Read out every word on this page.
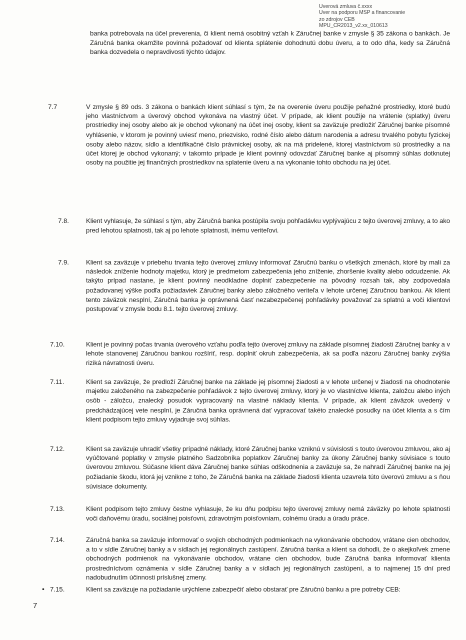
Úverová zmluva č.xxxx
Úver na podporu MSP a financovanie
zo zdrojov CEB
MPU_CR2013_v2.xx_010613
banka potrebovala na účel preverenia, či klient nemá osobitný vzťah k Záručnej banke v zmysle § 35 zákona o bankách. Je Záručná banka okamžite povinná požadovať od klienta splátenie dohodnutú dobu úveru, a to odo dňa, kedy sa Záručná banka dozvedela o nepravdivosti týchto údajov.
7.7	V zmysle § 89 ods. 3 zákona o bankách klient súhlasí s tým, že na overenie úveru použije peňažné prostriedky, ktoré budú jeho vlastníctvom a úverový obchod vykonáva na vlastný účet. V prípade, ak klient použije na vrátenie (splatky) úveru prostriedky inej osoby alebo ak je obchod vykonaný na účet inej osoby, klient sa zaväzuje predložiť Záručnej banke písomné vyhlásenie, v ktorom je povinný uviesť meno, priezvisko, rodné číslo alebo dátum narodenia a adresu trvalého pobytu fyzickej osoby alebo názov, sídlo a identifikačné číslo právnickej osoby, ak na má pridelené, ktorej vlastníctvom sú prostriedky a na účet ktorej je obchod vykonaný; v takomto prípade je klient povinný odovzdať Záručnej banke aj písomný súhlas dotknutej osoby na použitie jej finančných prostriedkov na splatenie úveru a na vykonanie tohto obchodu na jej účet.
7.8.	Klient vyhlasuje, že súhlasí s tým, aby Záručná banka postúpila svoju pohľadávku vyplývajúcu z tejto úverovej zmluvy, a to ako pred lehotou splatnosti, tak aj po lehote splatnosti, inému veriteľovi.
7.9.	Klient sa zaväzuje v priebehu trvania tejto úverovej zmluvy informovať Záručnú banku o všetkých zmenách, ktoré by mali za následok zníženie hodnoty majetku, ktorý je predmetom zabezpečenia jeho zníženie, zhoršenie kvality alebo odcudzenie. Ak takýto prípad nastane, je klient povinný neodkladne doplniť zabezpečenie na pôvodný rozsah tak, aby zodpovedala požadovanej výške podľa požiadaviek Záručnej banky alebo záložného veriteľa v lehote určenej Záručnou bankou. Ak klient tento záväzok nesplní, Záručná banka je oprávnená časť nezabezpečenej pohľadávky považovať za splatnú a voči klientovi postupovať v zmysle bodu 8.1. tejto úverovej zmluvy.
7.10.	Klient je povinný počas trvania úverového vzťahu podľa tejto úverovej zmluvy na základe písomnej žiadosti Záručnej banky a v lehote stanovenej Záručnou bankou rozšíriť, resp. doplniť okruh zabezpečenia, ak sa podľa názoru Záručnej banky zvýšia riziká návratnosti úveru.
7.11.	Klient sa zaväzuje, že predloží Záručnej banke na základe jej písomnej žiadosti a v lehote určenej v žiadosti na ohodnotenie majetku založeného na zabezpečenie pohľadávok z tejto úverovej zmluvy, ktorý je vo vlastníctve klienta, založcu alebo iných osôb - záložcu, znalecký posudok vypracovaný na vlastné náklady klienta. V prípade, ak klient záväzok uvedený v predchádzajúcej vete nesplní, je Záručná banka oprávnená dať vypracovať takéto znalecké posudky na účet klienta a s čím klient podpisom tejto zmluvy vyjadruje svoj súhlas.
7.12.	Klient sa zaväzuje uhradiť všetky prípadné náklady, ktoré Záručnej banke vzniknú v súvislosti s touto úverovou zmluvou, ako aj vyúčtované poplatky v zmysle platného Sadzobníka poplatkov Záručnej banky za úkony Záručnej banky súvisiace s touto úverovou zmluvou. Súčasne klient dáva Záručnej banke súhlas odškodnenia a zaväzuje sa, že nahradí Záručnej banke na jej požiadanie škodu, ktorá jej vznikne z toho, že Záručná banka na základe žiadosti klienta uzavrela túto úverovú zmluvu a s ňou súvisiace dokumenty.
7.13.	Klient podpisom tejto zmluvy čestne vyhlasuje, že ku dňu podpisu tejto úverovej zmluvy nemá záväzky po lehote splatnosti voči daňovému úradu, sociálnej poisťovni, zdravotným poisťovniam, colnému úradu a úradu práce.
7.14.	Záručná banka sa zaväzuje informovať o svojich obchodných podmienkach na vykonávanie obchodov, vrátane cien obchodov, a to v sídle Záručnej banky a v sídlach jej regionálnych zastúpení. Záručná banka a klient sa dohodli, že o akejkoľvek zmene obchodných podmienok na vykonávanie obchodov, vrátane cien obchodov, bude Záručná banka informovať klienta prostredníctvom oznámenia v sídle Záručnej banky a v sídlach jej regionálnych zastúpení, a to najmenej 15 dní pred nadobudnutím účinnosti príslušnej zmeny.
• 7.15.	Klient sa zaväzuje na požiadanie urýchlene zabezpečiť alebo obstarať pre Záručnú banku a pre potreby CEB:
7
